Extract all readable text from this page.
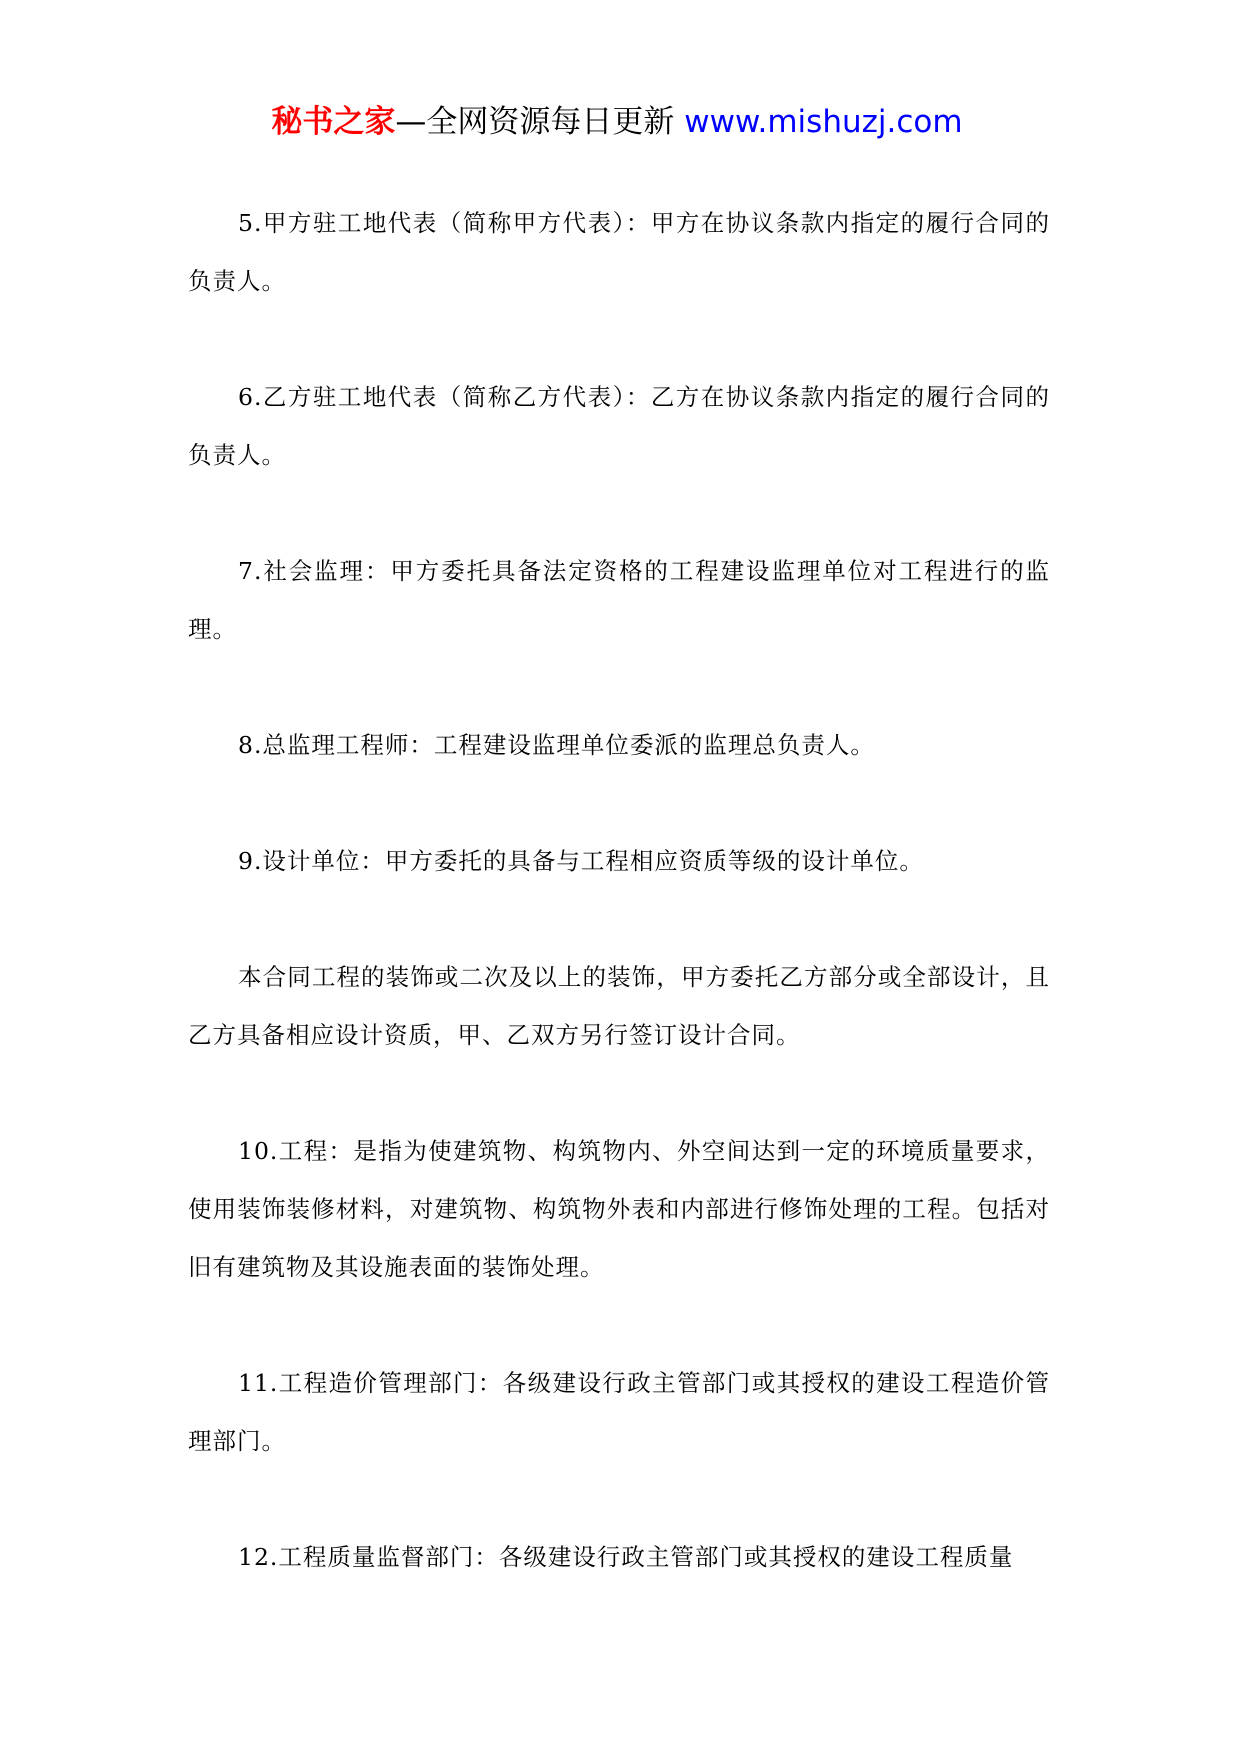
秘书之家—全网资源每日更新 www.mishuzj.com

5.甲方驻工地代表（简称甲方代表）：甲方在协议条款内指定的履行合同的负责人。

6.乙方驻工地代表（简称乙方代表）：乙方在协议条款内指定的履行合同的负责人。

7.社会监理：甲方委托具备法定资格的工程建设监理单位对工程进行的监理。

8.总监理工程师：工程建设监理单位委派的监理总负责人。

9.设计单位：甲方委托的具备与工程相应资质等级的设计单位。

本合同工程的装饰或二次及以上的装饰，甲方委托乙方部分或全部设计，且乙方具备相应设计资质，甲、乙双方另行签订设计合同。

10.工程：是指为使建筑物、构筑物内、外空间达到一定的环境质量要求，使用装饰装修材料，对建筑物、构筑物外表和内部进行修饰处理的工程。包括对旧有建筑物及其设施表面的装饰处理。

11.工程造价管理部门：各级建设行政主管部门或其授权的建设工程造价管理部门。

12.工程质量监督部门：各级建设行政主管部门或其授权的建设工程质量
